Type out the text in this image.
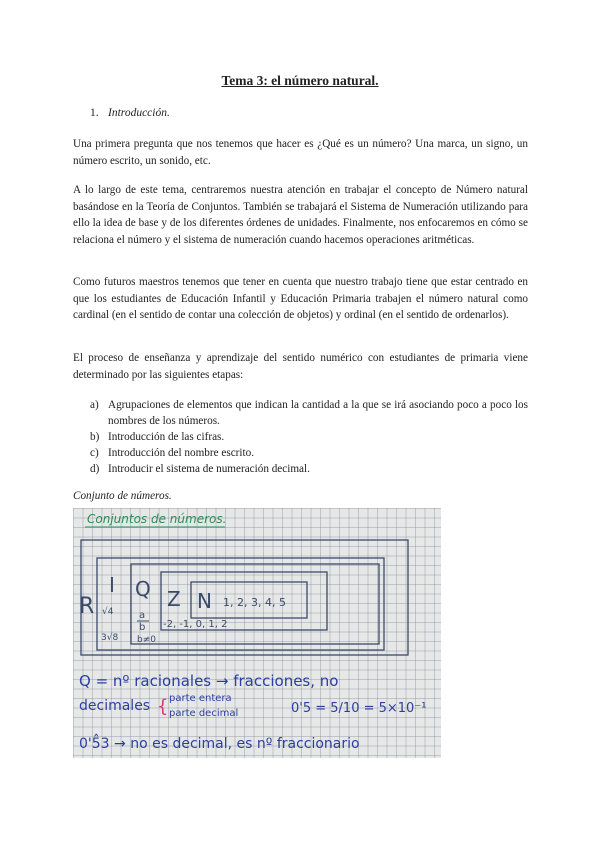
Tema 3: el número natural.
1. Introducción.

Una primera pregunta que nos tenemos que hacer es ¿Qué es un número? Una marca, un signo, un número escrito, un sonido, etc.

A lo largo de este tema, centraremos nuestra atención en trabajar el concepto de Número natural basándose en la Teoría de Conjuntos. También se trabajará el Sistema de Numeración utilizando para ello la idea de base y de los diferentes órdenes de unidades. Finalmente, nos enfocaremos en cómo se relaciona el número y el sistema de numeración cuando hacemos operaciones aritméticas.

Como futuros maestros tenemos que tener en cuenta que nuestro trabajo tiene que estar centrado en que los estudiantes de Educación Infantil y Educación Primaria trabajen el número natural como cardinal (en el sentido de contar una colección de objetos) y ordinal (en el sentido de ordenarlos).

El proceso de enseñanza y aprendizaje del sentido numérico con estudiantes de primaria viene determinado por las siguientes etapas:

a) Agrupaciones de elementos que indican la cantidad a la que se irá asociando poco a poco los nombres de los números.
b) Introducción de las cifras.
c) Introducción del nombre escrito.
d) Introducir el sistema de numeración decimal.
Conjunto de números.
Conjuntos de números.
R
I
√4
3√8
Q
a
b
b≠0
Z
-2, -1, 0, 1, 2
N 1, 2, 3, 4, 5
Q = nº racionales → fracciones, no
decimales { parte entera
parte decimal	0'5 = 5/10 = 5×10⁻¹
0'5̂3 → no es decimal, es nº fraccionario
